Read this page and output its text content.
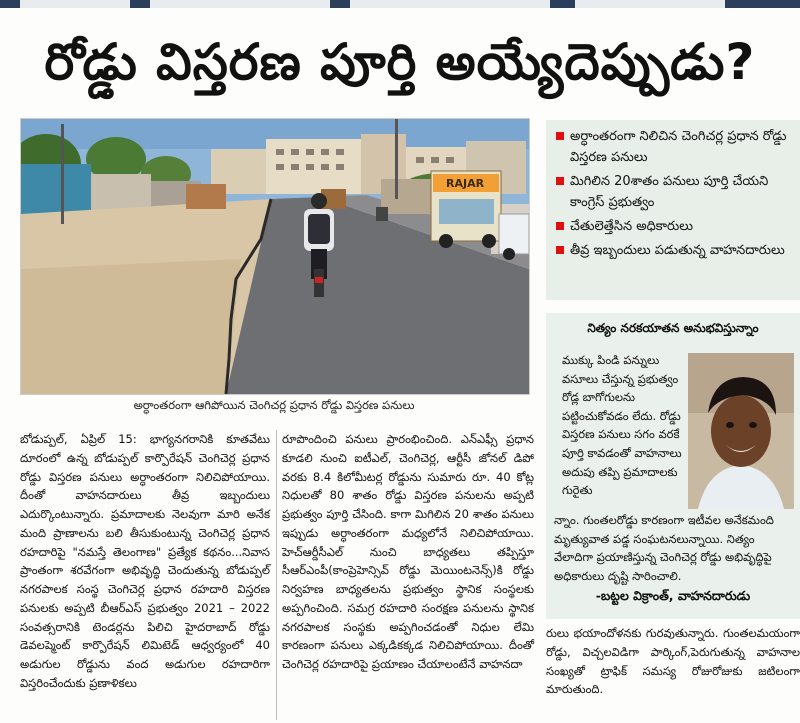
రోడ్డు విస్తరణ పూర్తి అయ్యేదెప్పుడు?
RAJAR
అర్ధాంతరంగా ఆగిపోయిన చెంగిచర్ల ప్రధాన రోడ్డు విస్తరణ పనులు
అర్ధాంతరంగా నిలిచిన చెంగిచర్ల ప్రధాన రోడ్డు విస్తరణ పనులు
మిగిలిన 20శాతం పనులు పూర్తి చేయని కాంగ్రెస్ ప్రభుత్వం
చేతులెత్తేసిన అధికారులు
తీవ్ర ఇబ్బందులు పడుతున్న వాహనదారులు
నిత్యం నరకయాతన అనుభవిస్తున్నాం
ముక్కు పిండి పన్నులు వసూలు చేస్తున్న ప్రభుత్వం రోడ్ల బాగోగులను పట్టించుకోవడం లేదు. రోడ్డు విస్తరణ పనులు సగం వరకే పూర్తి కావడంతో వాహనాలు అదుపు తప్పి ప్రమాదాలకు గురైతు
న్నాం. గుంతలరోడ్డు కారణంగా ఇటీవల అనేకమంది మృత్యువాత పడ్డ సంఘటనలున్నాయి. నిత్యం వేలాదిగా ప్రయాణిస్తున్న చెంగిచెర్ల రోడ్డు అభివృద్ధిపై అధికారులు దృష్టి సారించాలి.
-బట్టల విక్రాంత్, వాహనదారుడు

బోడుప్పల్, ఏప్రిల్ 15: భాగ్యనగరానికి కూతవేటు దూరంలో ఉన్న బోడుప్పల్ కార్పొరేషన్ చెంగిచెర్ల ప్రధాన రోడ్డు విస్తరణ పనులు అర్ధాంతరంగా నిలిచిపోయాయి. దీంతో వాహనదారులు తీవ్ర ఇబ్బందులు ఎదుర్కొంటున్నారు. ప్రమాదాలకు నెలవుగా మారి అనేక మంది ప్రాణాలను బలి తీసుకుంటున్న చెంగిచెర్ల ప్రధాన రహదారిపై "నమస్తే తెలంగాణ" ప్రత్యేక కథనం...నివాస ప్రాంతంగా శరవేగంగా అభివృద్ధి చెందుతున్న బోడుప్పల్ నగరపాలక సంస్థ చెంగిచెర్ల ప్రధాన రహదారి విస్తరణ పనులకు అప్పటి బీఆర్ఎస్ ప్రభుత్వం 2021 – 2022 సంవత్సరానికి టెండర్లను పిలిచి హైదరాబాద్ రోడ్డు డెవలప్మెంట్ కార్పొరేషన్ లిమిటెడ్ ఆధ్వర్యంలో 40 అడుగుల రోడ్డును వంద అడుగుల రహదారిగా విస్తరించేందుకు ప్రణాళికలు

రూపొందించి పనులు ప్రారంభించింది. ఎన్ఎఫ్సీ ప్రధాన కూడలి నుంచి ఐటీఎల్, చెంగిచెర్ల, ఆర్టీసీ జోనల్ డిపో వరకు 8.4 కిలోమీటర్ల రోడ్డును సుమారు రూ. 40 కోట్ల నిధులతో 80 శాతం రోడ్డు విస్తరణ పనులను అప్పటి ప్రభుత్వం పూర్తి చేసింది. కాగా మిగిలిన 20 శాతం పనులు ఇప్పుడు అర్ధాంతరంగా మధ్యలోనే నిలిచిపోయాయి. హెచ్ఆర్డీసీఎల్ నుంచి బాధ్యతలు తప్పిస్తూ సీఆర్ఎంపీ(కాంప్రెహెన్సివ్ రోడ్డు మెయింటనెన్స్)కి రోడ్డు నిర్వహణ బాధ్యతలను ప్రభుత్వం స్థానిక సంస్థలకు అప్పగించింది. సమగ్ర రహదారి సంరక్షణ పనులను స్థానిక నగరపాలక సంస్థకు అప్పగించడంతో నిధుల లేమి కారణంగా పనులు ఎక్కడికక్కడ నిలిచిపోయాయి. దీంతో చెంగిచెర్ల రహదారిపై ప్రయాణం చేయాలంటేనే వాహనదా

రులు భయాందోళనకు గురవుతున్నారు. గుంతలమయంగా రోడ్డు, విచ్చలవిడిగా పార్కింగ్,పెరుగుతున్న వాహనాల సంఖ్యతో ట్రాఫిక్ సమస్య రోజురోజుకు జటిలంగా మారుతుంది.
